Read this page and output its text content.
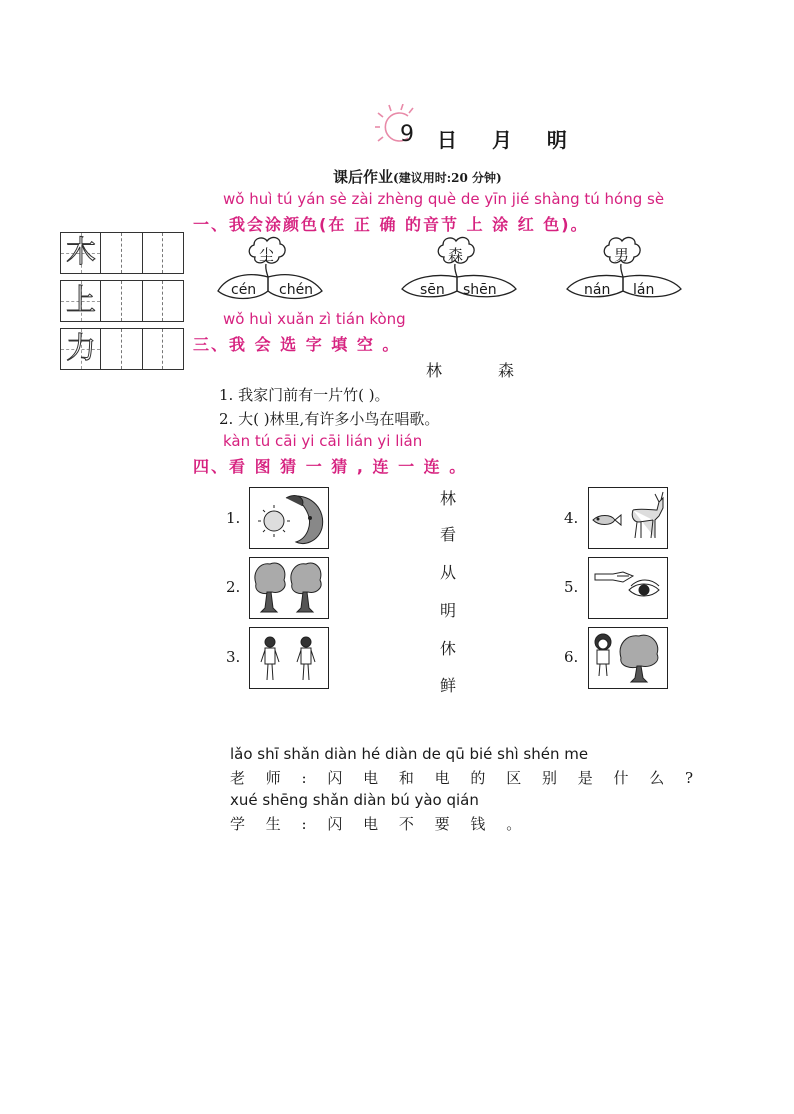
9 日 月 明
课后作业(建议用时:20 分钟)
wǒ huì tú yán sè zài zhèng què de yīn jié shàng tú hóng sè
一、我会涂颜色(在 正 确 的音节 上 涂 红 色)。
木
上
力
尘
cén chén
森
sēn shēn
男
nán lán
wǒ huì xuǎn zì tián kòng
三、我 会 选 字 填 空 。
林	森
1. 我家门前有一片竹( )。
2. 大( )林里,有许多小鸟在唱歌。
kàn tú cāi yi cāi lián yi lián
四、看 图 猜 一 猜 , 连 一 连 。
1.
2.
3.
林
看
从
明
休
鲜
4.
5.
6.
lǎo shī shǎn diàn hé diàn de qū bié shì shén me
老 师 : 闪 电 和 电 的 区 别 是 什 么 ?
xué shēng shǎn diàn bú yào qián
学 生 : 闪 电 不 要 钱 。
